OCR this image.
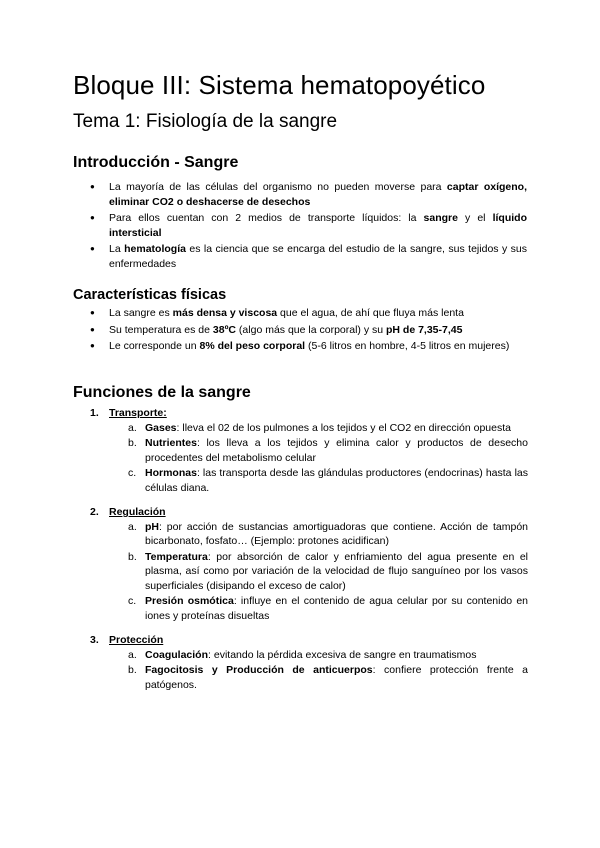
Bloque III: Sistema hematopoyético
Tema 1: Fisiología de la sangre
Introducción - Sangre
● La mayoría de las células del organismo no pueden moverse para captar oxígeno, eliminar CO2 o deshacerse de desechos
● Para ellos cuentan con 2 medios de transporte líquidos: la sangre y el líquido intersticial
● La hematología es la ciencia que se encarga del estudio de la sangre, sus tejidos y sus enfermedades
Características físicas
● La sangre es más densa y viscosa que el agua, de ahí que fluya más lenta
● Su temperatura es de 38ºC (algo más que la corporal) y su pH de 7,35-7,45
● Le corresponde un 8% del peso corporal (5-6 litros en hombre, 4-5 litros en mujeres)
Funciones de la sangre
1. Transporte:
a. Gases: lleva el 02 de los pulmones a los tejidos y el CO2 en dirección opuesta
b. Nutrientes: los lleva a los tejidos y elimina calor y productos de desecho procedentes del metabolismo celular
c. Hormonas: las transporta desde las glándulas productores (endocrinas) hasta las células diana.
2. Regulación
a. pH: por acción de sustancias amortiguadoras que contiene. Acción de tampón bicarbonato, fosfato… (Ejemplo: protones acidifican)
b. Temperatura: por absorción de calor y enfriamiento del agua presente en el plasma, así como por variación de la velocidad de flujo sanguíneo por los vasos superficiales (disipando el exceso de calor)
c. Presión osmótica: influye en el contenido de agua celular por su contenido en iones y proteínas disueltas
3. Protección
a. Coagulación: evitando la pérdida excesiva de sangre en traumatismos
b. Fagocitosis y Producción de anticuerpos: confiere protección frente a patógenos.
